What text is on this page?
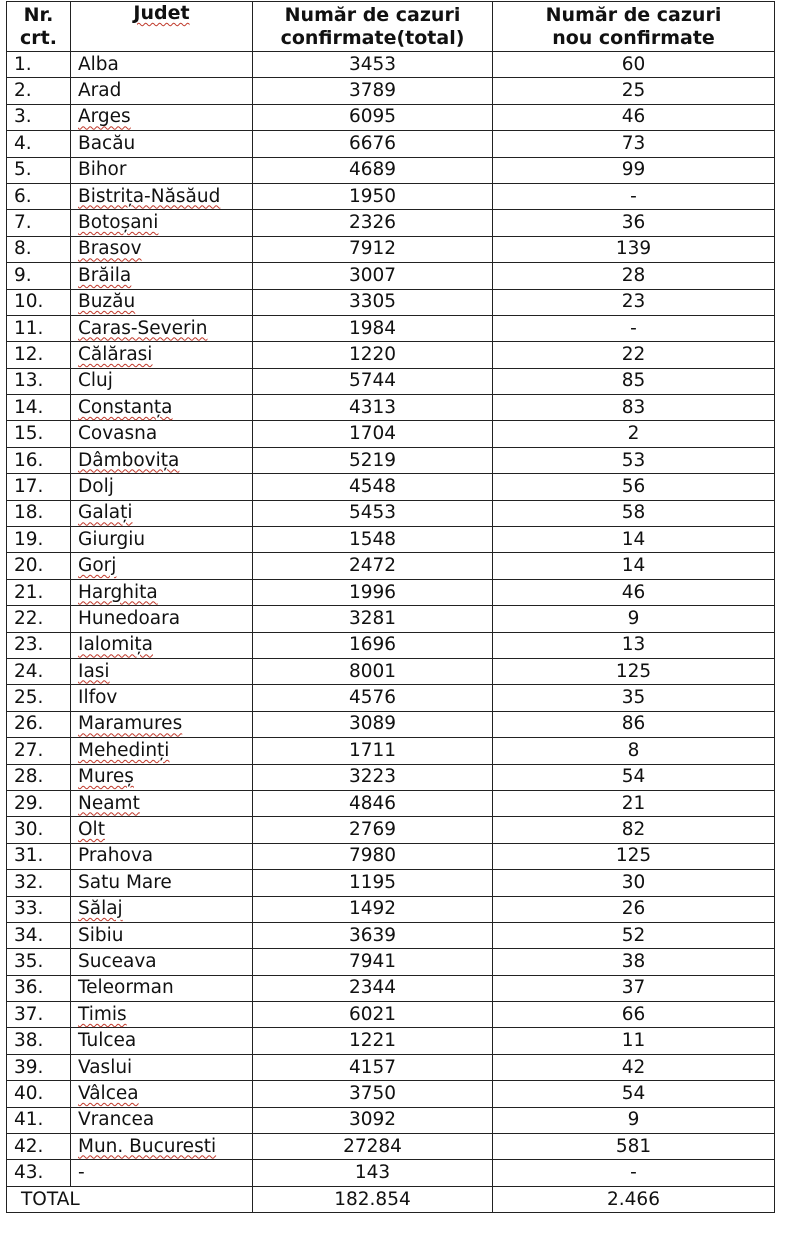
Nr. crt.	Judet	Număr de cazuri confirmate(total)	Număr de cazuri nou confirmate
1.	Alba	3453	60
2.	Arad	3789	25
3.	Arges	6095	46
4.	Bacău	6676	73
5.	Bihor	4689	99
6.	Bistrița-Năsăud	1950	-
7.	Botoșani	2326	36
8.	Brasov	7912	139
9.	Brăila	3007	28
10.	Buzău	3305	23
11.	Caras-Severin	1984	-
12.	Călărasi	1220	22
13.	Cluj	5744	85
14.	Constanța	4313	83
15.	Covasna	1704	2
16.	Dâmbovița	5219	53
17.	Dolj	4548	56
18.	Galați	5453	58
19.	Giurgiu	1548	14
20.	Gorj	2472	14
21.	Harghita	1996	46
22.	Hunedoara	3281	9
23.	Ialomița	1696	13
24.	Iasi	8001	125
25.	Ilfov	4576	35
26.	Maramures	3089	86
27.	Mehedinți	1711	8
28.	Mureș	3223	54
29.	Neamt	4846	21
30.	Olt	2769	82
31.	Prahova	7980	125
32.	Satu Mare	1195	30
33.	Sălaj	1492	26
34.	Sibiu	3639	52
35.	Suceava	7941	38
36.	Teleorman	2344	37
37.	Timis	6021	66
38.	Tulcea	1221	11
39.	Vaslui	4157	42
40.	Vâlcea	3750	54
41.	Vrancea	3092	9
42.	Mun. Bucuresti	27284	581
43.	-	143	-
TOTAL		182.854	2.466
